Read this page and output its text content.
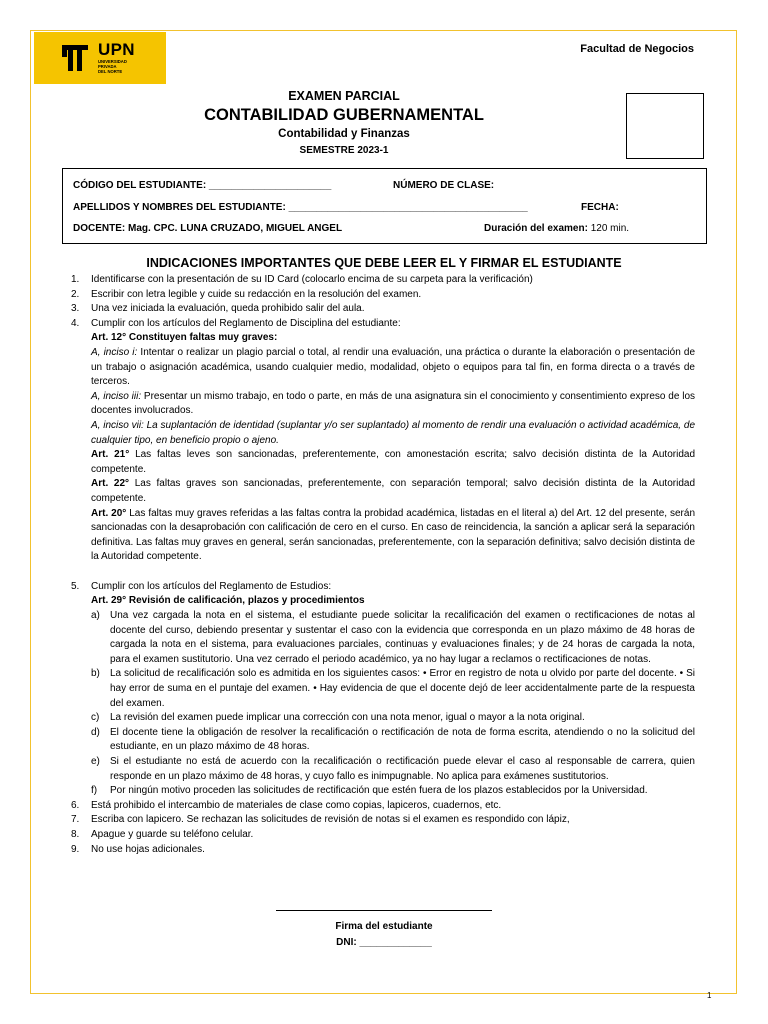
UPN
UNIVERSIDAD
PRIVADA
DEL NORTE
Facultad de Negocios
EXAMEN PARCIAL
CONTABILIDAD GUBERNAMENTAL
Contabilidad y Finanzas
SEMESTRE 2023-1
CÓDIGO DEL ESTUDIANTE: ______________________	NÚMERO DE CLASE:
APELLIDOS Y NOMBRES DEL ESTUDIANTE: ___________________________________________	FECHA:
DOCENTE: Mag. CPC. LUNA CRUZADO, MIGUEL ANGEL	Duración del examen: 120 min.
INDICACIONES IMPORTANTES QUE DEBE LEER EL Y FIRMAR EL ESTUDIANTE
1.	Identificarse con la presentación de su ID Card (colocarlo encima de su carpeta para la verificación)
2.	Escribir con letra legible y cuide su redacción en la resolución del examen.
3.	Una vez iniciada la evaluación, queda prohibido salir del aula.
4.	Cumplir con los artículos del Reglamento de Disciplina del estudiante:
Art. 12° Constituyen faltas muy graves:
A, inciso i: Intentar o realizar un plagio parcial o total, al rendir una evaluación, una práctica o durante la elaboración o presentación de un trabajo o asignación académica, usando cualquier medio, modalidad, objeto o equipos para tal fin, en forma directa o a través de terceros.
A, inciso iii: Presentar un mismo trabajo, en todo o parte, en más de una asignatura sin el conocimiento y consentimiento expreso de los docentes involucrados.
A, inciso vii: La suplantación de identidad (suplantar y/o ser suplantado) al momento de rendir una evaluación o actividad académica, de cualquier tipo, en beneficio propio o ajeno.
Art. 21° Las faltas leves son sancionadas, preferentemente, con amonestación escrita; salvo decisión distinta de la Autoridad competente.
Art. 22° Las faltas graves son sancionadas, preferentemente, con separación temporal; salvo decisión distinta de la Autoridad competente.
Art. 20° Las faltas muy graves referidas a las faltas contra la probidad académica, listadas en el literal a) del Art. 12 del presente, serán sancionadas con la desaprobación con calificación de cero en el curso. En caso de reincidencia, la sanción a aplicar será la separación definitiva. Las faltas muy graves en general, serán sancionadas, preferentemente, con la separación definitiva; salvo decisión distinta de la Autoridad competente.
5.	Cumplir con los artículos del Reglamento de Estudios:
Art. 29° Revisión de calificación, plazos y procedimientos
a)	Una vez cargada la nota en el sistema, el estudiante puede solicitar la recalificación del examen o rectificaciones de notas al docente del curso, debiendo presentar y sustentar el caso con la evidencia que corresponda en un plazo máximo de 48 horas de cargada la nota en el sistema, para evaluaciones parciales, continuas y evaluaciones finales; y de 24 horas de cargada la nota, para el examen sustitutorio. Una vez cerrado el periodo académico, ya no hay lugar a reclamos o rectificaciones de notas.
b)	La solicitud de recalificación solo es admitida en los siguientes casos: • Error en registro de nota u olvido por parte del docente. • Si hay error de suma en el puntaje del examen. • Hay evidencia de que el docente dejó de leer accidentalmente parte de la respuesta del examen.
c)	La revisión del examen puede implicar una corrección con una nota menor, igual o mayor a la nota original.
d)	El docente tiene la obligación de resolver la recalificación o rectificación de nota de forma escrita, atendiendo o no la solicitud del estudiante, en un plazo máximo de 48 horas.
e)	Si el estudiante no está de acuerdo con la recalificación o rectificación puede elevar el caso al responsable de carrera, quien responde en un plazo máximo de 48 horas, y cuyo fallo es inimpugnable. No aplica para exámenes sustitutorios.
f)	Por ningún motivo proceden las solicitudes de rectificación que estén fuera de los plazos establecidos por la Universidad.
6.	Está prohibido el intercambio de materiales de clase como copias, lapiceros, cuadernos, etc.
7.	Escriba con lapicero. Se rechazan las solicitudes de revisión de notas si el examen es respondido con lápiz,
8.	Apague y guarde su teléfono celular.
9.	No use hojas adicionales.
Firma del estudiante
DNI: _____________
1
